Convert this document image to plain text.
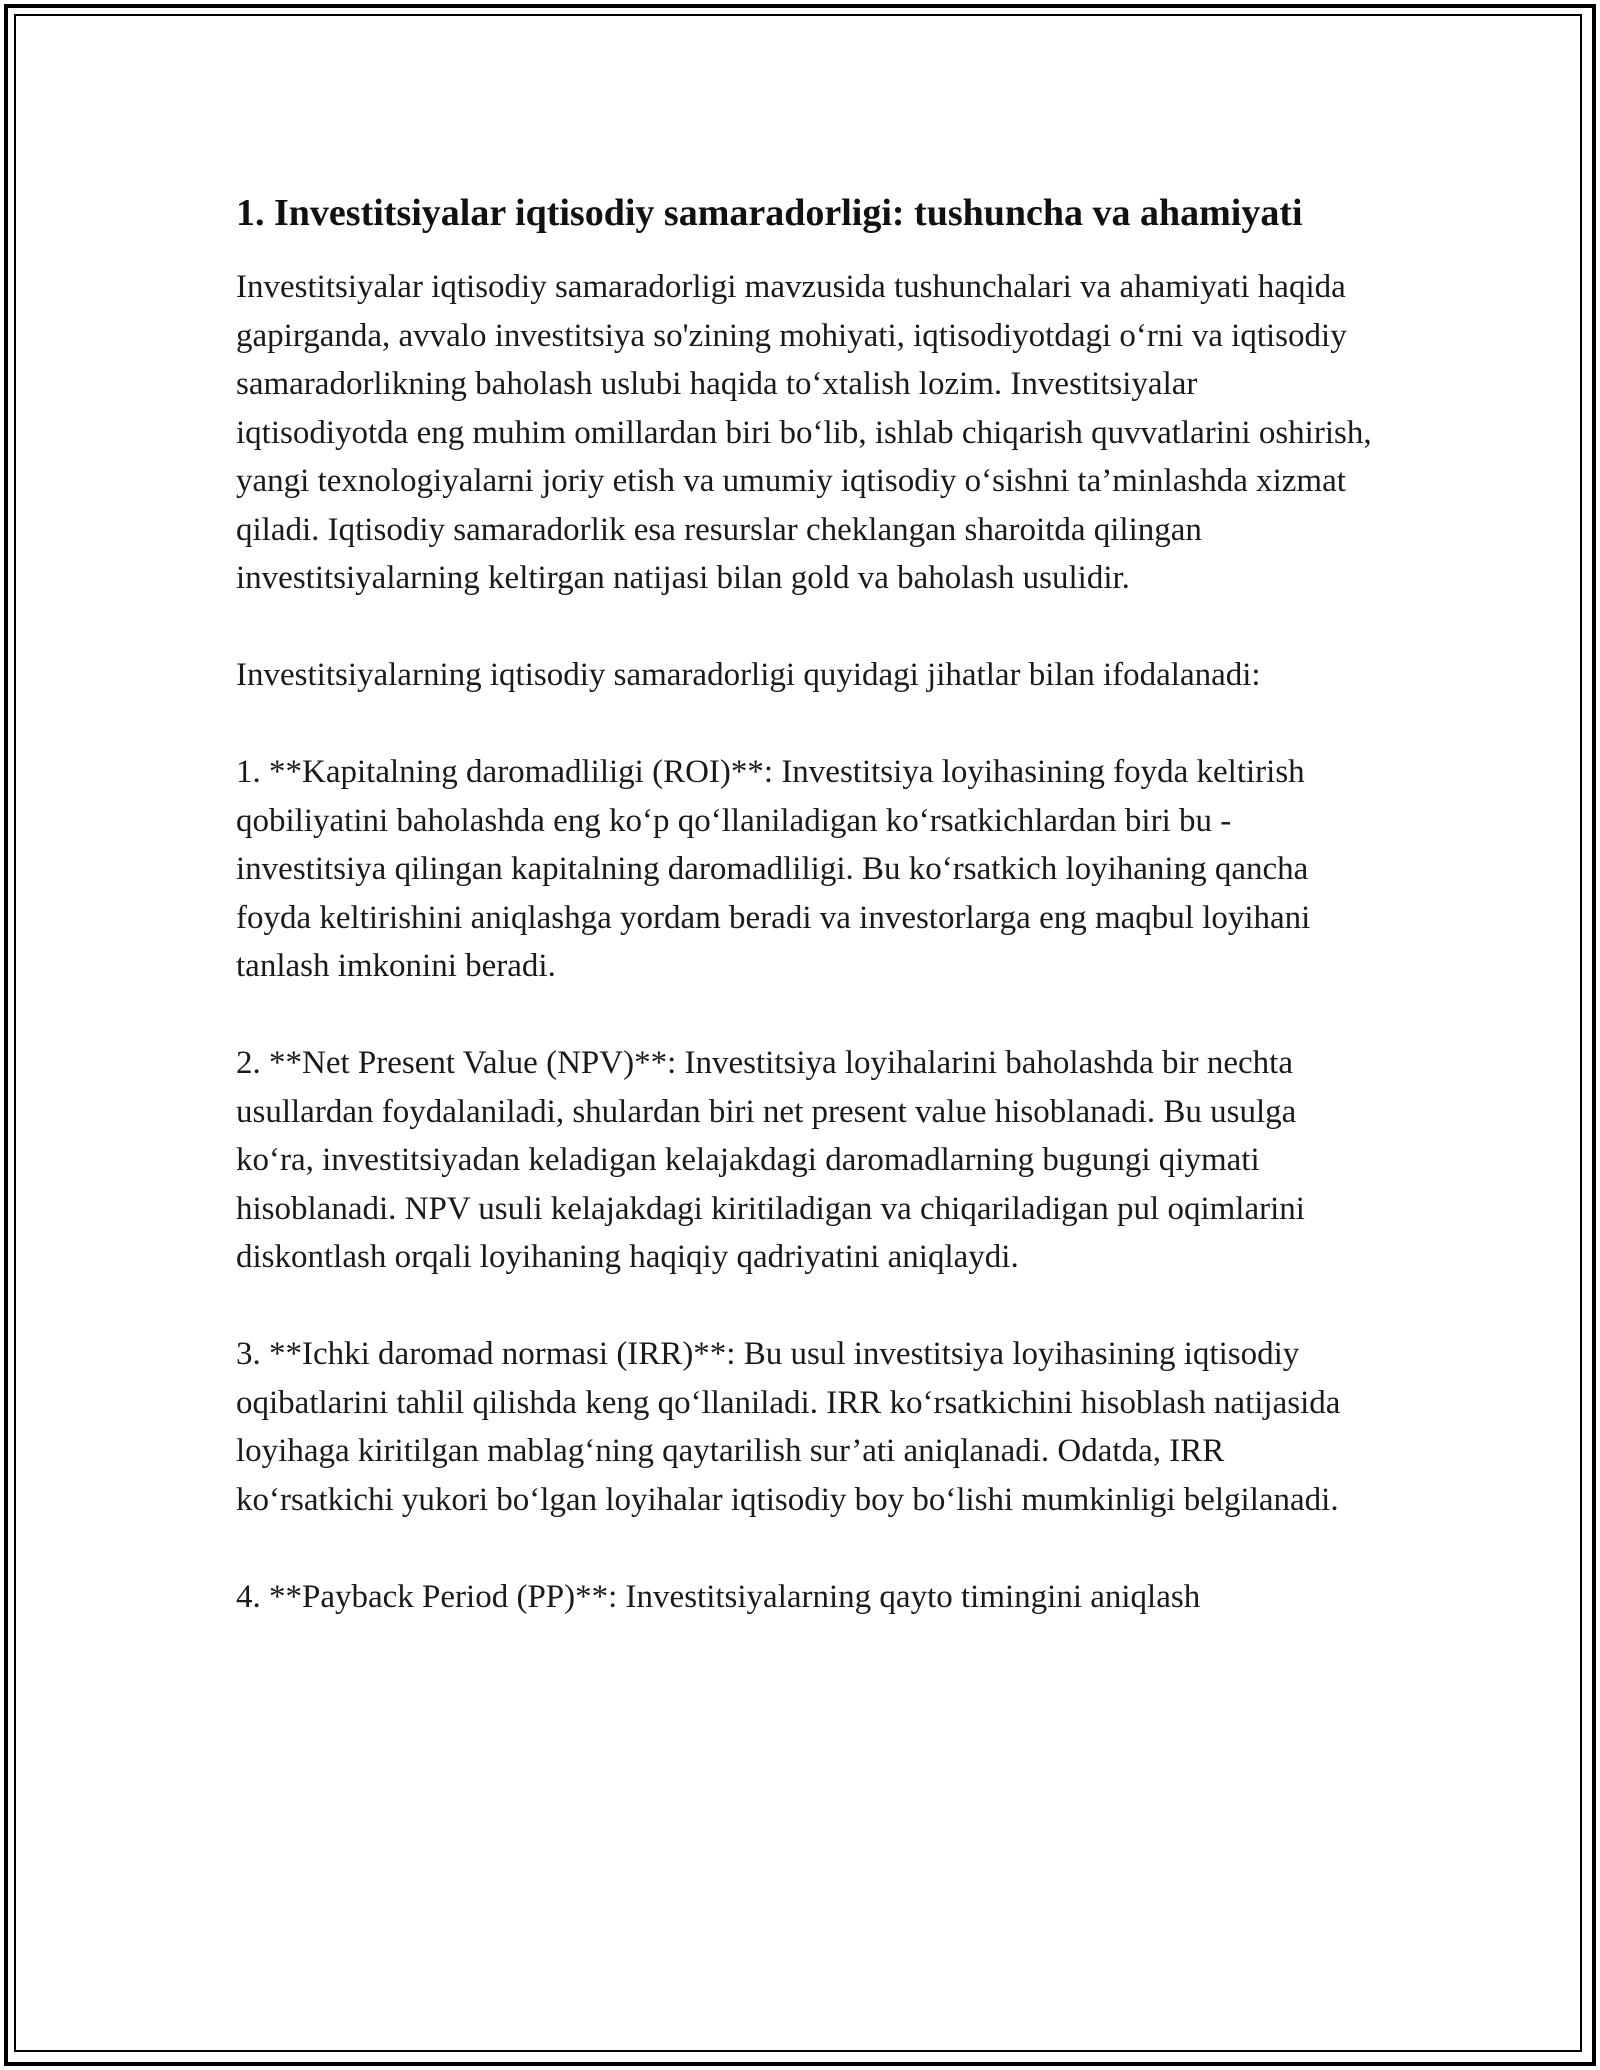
1. Investitsiyalar iqtisodiy samaradorligi: tushuncha va ahamiyati

Investitsiyalar iqtisodiy samaradorligi mavzusida tushunchalari va ahamiyati haqida gapirganda, avvalo investitsiya so'zining mohiyati, iqtisodiyotdagi o‘rni va iqtisodiy samaradorlikning baholash uslubi haqida to‘xtalish lozim. Investitsiyalar iqtisodiyotda eng muhim omillardan biri bo‘lib, ishlab chiqarish quvvatlarini oshirish, yangi texnologiyalarni joriy etish va umumiy iqtisodiy o‘sishni ta’minlashda xizmat qiladi. Iqtisodiy samaradorlik esa resurslar cheklangan sharoitda qilingan investitsiyalarning keltirgan natijasi bilan gold va baholash usulidir.

Investitsiyalarning iqtisodiy samaradorligi quyidagi jihatlar bilan ifodalanadi:

1. **Kapitalning daromadliligi (ROI)**: Investitsiya loyihasining foyda keltirish qobiliyatini baholashda eng ko‘p qo‘llaniladigan ko‘rsatkichlardan biri bu - investitsiya qilingan kapitalning daromadliligi. Bu ko‘rsatkich loyihaning qancha foyda keltirishini aniqlashga yordam beradi va investorlarga eng maqbul loyihani tanlash imkonini beradi.

2. **Net Present Value (NPV)**: Investitsiya loyihalarini baholashda bir nechta usullardan foydalaniladi, shulardan biri net present value hisoblanadi. Bu usulga ko‘ra, investitsiyadan keladigan kelajakdagi daromadlarning bugungi qiymati hisoblanadi. NPV usuli kelajakdagi kiritiladigan va chiqariladigan pul oqimlarini diskontlash orqali loyihaning haqiqiy qadriyatini aniqlaydi.

3. **Ichki daromad normasi (IRR)**: Bu usul investitsiya loyihasining iqtisodiy oqibatlarini tahlil qilishda keng qo‘llaniladi. IRR ko‘rsatkichini hisoblash natijasida loyihaga kiritilgan mablag‘ning qaytarilish sur’ati aniqlanadi. Odatda, IRR ko‘rsatkichi yukori bo‘lgan loyihalar iqtisodiy boy bo‘lishi mumkinligi belgilanadi.

4. **Payback Period (PP)**: Investitsiyalarning qayto timingini aniqlash
